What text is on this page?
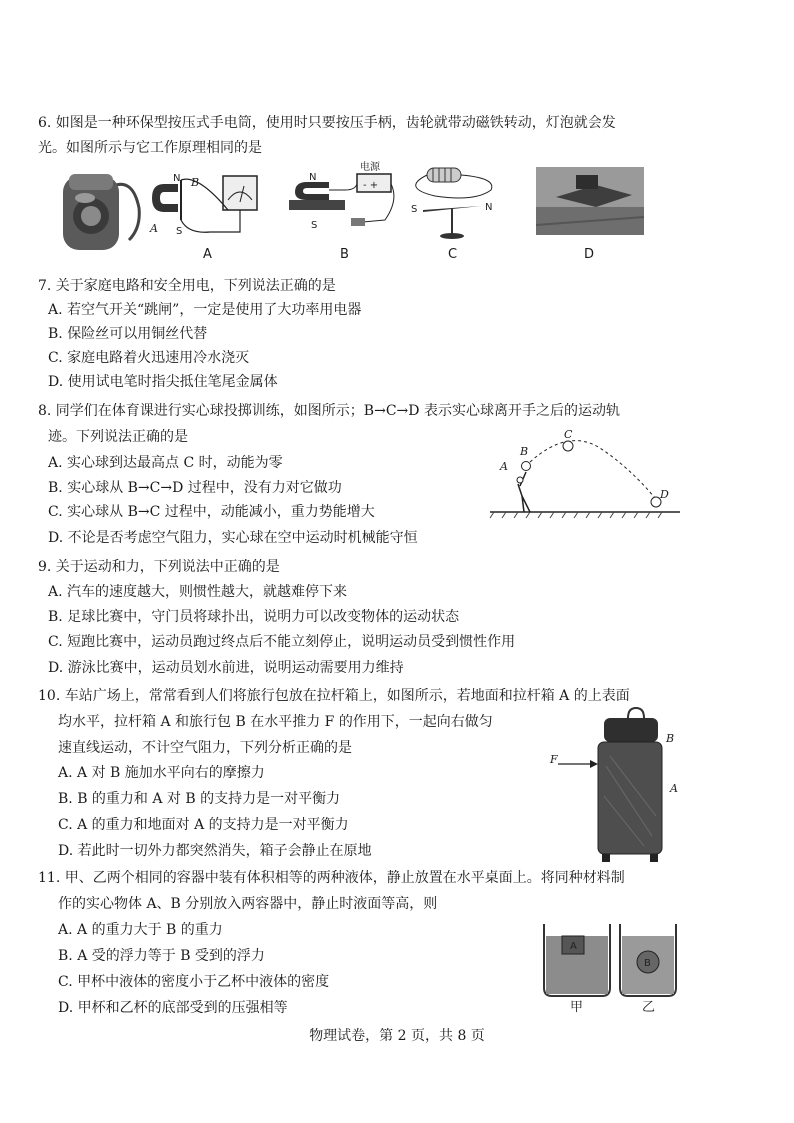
6. 如图是一种环保型按压式手电筒，使用时只要按压手柄，齿轮就带动磁铁转动，灯泡就会发
光。如图所示与它工作原理相同的是
N B
A S
A
- +
电源
N
S
B
S	N
C	D
7. 关于家庭电路和安全用电，下列说法正确的是
A. 若空气开关“跳闸”，一定是使用了大功率用电器
B. 保险丝可以用铜丝代替
C. 家庭电路着火迅速用冷水浇灭
D. 使用试电笔时指尖抵住笔尾金属体
8. 同学们在体育课进行实心球投掷训练，如图所示；B→C→D 表示实心球离开手之后的运动轨
迹。下列说法正确的是
A. 实心球到达最高点 C 时，动能为零
B. 实心球从 B→C→D 过程中，没有力对它做功
C. 实心球从 B→C 过程中，动能减小，重力势能增大
D. 不论是否考虑空气阻力，实心球在空中运动时机械能守恒
A
B
C
D
9. 关于运动和力，下列说法中正确的是
A. 汽车的速度越大，则惯性越大，就越难停下来
B. 足球比赛中，守门员将球扑出，说明力可以改变物体的运动状态
C. 短跑比赛中，运动员跑过终点后不能立刻停止，说明运动员受到惯性作用
D. 游泳比赛中，运动员划水前进，说明运动需要用力维持
10. 车站广场上，常常看到人们将旅行包放在拉杆箱上，如图所示，若地面和拉杆箱 A 的上表面
均水平，拉杆箱 A 和旅行包 B 在水平推力 F 的作用下，一起向右做匀
速直线运动，不计空气阻力，下列分析正确的是
A. A 对 B 施加水平向右的摩擦力
B. B 的重力和 A 对 B 的支持力是一对平衡力
C. A 的重力和地面对 A 的支持力是一对平衡力
D. 若此时一切外力都突然消失，箱子会静止在原地
F
B
A
11. 甲、乙两个相同的容器中装有体积相等的两种液体，静止放置在水平桌面上。将同种材料制
作的实心物体 A、B 分别放入两容器中，静止时液面等高，则
A. A 的重力大于 B 的重力
B. A 受的浮力等于 B 受到的浮力
C. 甲杯中液体的密度小于乙杯中液体的密度
D. 甲杯和乙杯的底部受到的压强相等
A
B
甲	乙
物理试卷，第 2 页，共 8 页
